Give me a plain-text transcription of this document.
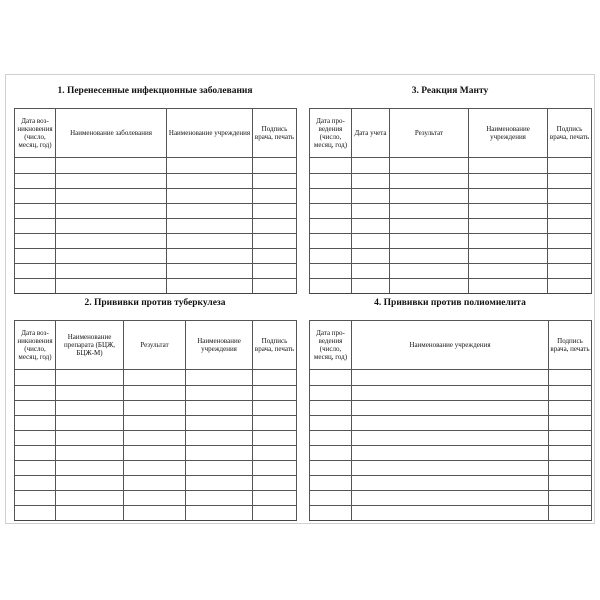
1. Перенесенные инфекционные заболевания
Дата воз- никновения (число, месяц, год)	Наименование заболевания	Наименование учреждения	Подпись врача, печать

3. Реакция Манту
Дата про- ведения (число, месяц, год)	Дата учета	Результат	Наименование учреждения	Подпись врача, печать

2. Прививки против туберкулеза
Дата воз- никновения (число, месяц, год)	Наименование препарата (БЦЖ, БЦЖ-М)	Результат	Наименование учреждения	Подпись врача, печать

4. Прививки против полиомиелита
Дата про- ведения (число, месяц, год)	Наименование учреждения	Подпись врача, печать
